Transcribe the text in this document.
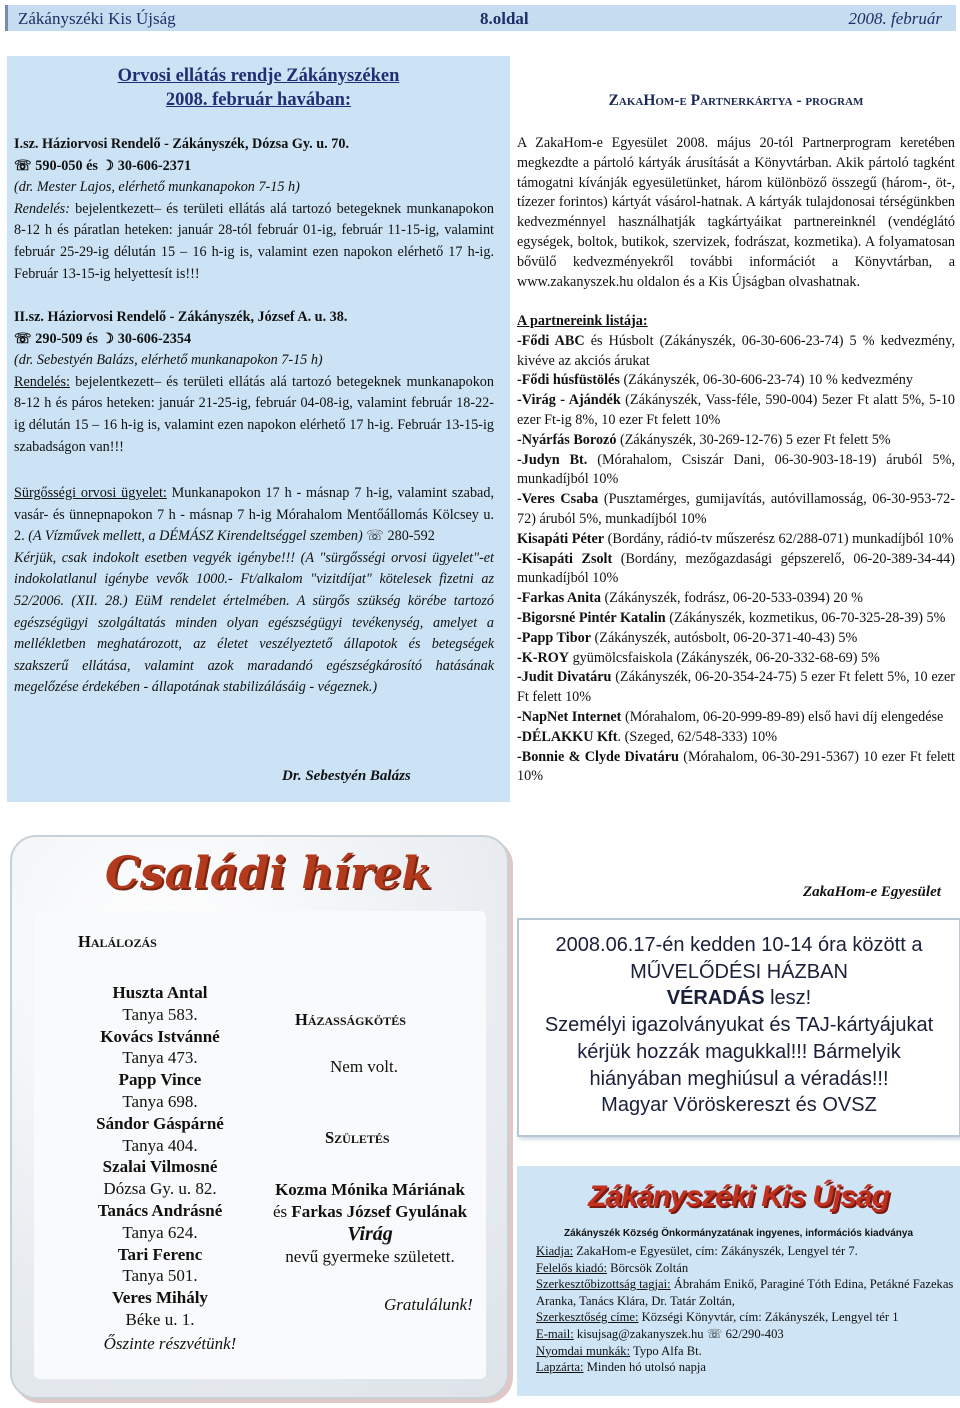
Zákányszéki Kis Újság	8.oldal	2008. február
Orvosi ellátás rendje Zákányszéken
2008. február havában:

I.sz. Háziorvosi Rendelő - Zákányszék, Dózsa Gy. u. 70.
☏ 590-050 és ☽ 30-606-2371
(dr. Mester Lajos, elérhető munkanapokon 7-15 h)
Rendelés: bejelentkezett– és területi ellátás alá tartozó betegeknek munkanapokon 8-12 h és páratlan heteken: január 28-tól február 01-ig, február 11-15-ig, valamint február 25-29-ig délután 15 – 16 h-ig is, valamint ezen napokon elérhető 17 h-ig. Február 13-15-ig helyettesít is!!!

II.sz. Háziorvosi Rendelő - Zákányszék, József A. u. 38.
☏ 290-509 és ☽ 30-606-2354
(dr. Sebestyén Balázs, elérhető munkanapokon 7-15 h)
Rendelés: bejelentkezett– és területi ellátás alá tartozó betegeknek munkanapokon 8-12 h és páros heteken: január 21-25-ig, február 04-08-ig, valamint február 18-22-ig délután 15 – 16 h-ig is, valamint ezen napokon elérhető 17 h-ig. Február 13-15-ig szabadságon van!!!

Sürgősségi orvosi ügyelet: Munkanapokon 17 h - másnap 7 h-ig, valamint szabad, vasár- és ünnepnapokon 7 h - másnap 7 h-ig Mórahalom Mentőállomás Kölcsey u. 2. (A Vízművek mellett, a DÉMÁSZ Kirendeltséggel szemben) ☏ 280-592
Kérjük, csak indokolt esetben vegyék igénybe!!! (A "sürgősségi orvosi ügyelet"-et indokolatlanul igénybe vevők 1000.- Ft/alkalom "vizitdíjat" kötelesek fizetni az 52/2006. (XII. 28.) EüM rendelet értelmében. A sürgős szükség körébe tartozó egészségügyi szolgáltatás minden olyan egészségügyi tevékenység, amelyet a mellékletben meghatározott, az életet veszélyeztető állapotok és betegségek szakszerű ellátása, valamint azok maradandó egészségkárosító hatásának megelőzése érdekében - állapotának stabilizálásáig - végeznek.)

Dr. Sebestyén Balázs
ZakaHom-e Partnerkártya - program

A ZakaHom-e Egyesület 2008. május 20-tól Partnerprogram keretében megkezdte a pártoló kártyák árusítását a Könyvtárban. Akik pártoló tagként támogatni kívánják egyesületünket, három különböző összegű (három-, öt-, tízezer forintos) kártyát vásárol-hatnak. A kártyák tulajdonosai térségünkben kedvezménnyel használhatják tagkártyáikat partnereinknél (vendéglátó egységek, boltok, butikok, szervizek, fodrászat, kozmetika). A folyamatosan bővülő kedvezményekről további információt a Könyvtárban, a www.zakanyszek.hu oldalon és a Kis Újságban olvashatnak.

A partnereink listája:
-Fődi ABC és Húsbolt (Zákányszék, 06-30-606-23-74) 5 % kedvezmény, kivéve az akciós árukat
-Fődi húsfüstölés (Zákányszék, 06-30-606-23-74) 10 % kedvezmény
-Virág - Ajándék (Zákányszék, Vass-féle, 590-004) 5ezer Ft alatt 5%, 5-10 ezer Ft-ig 8%, 10 ezer Ft felett 10%
-Nyárfás Borozó (Zákányszék, 30-269-12-76) 5 ezer Ft felett 5%
-Judyn Bt. (Mórahalom, Csiszár Dani, 06-30-903-18-19) áruból 5%, munkadíjból 10%
-Veres Csaba (Pusztamérges, gumijavítás, autóvillamosság, 06-30-953-72-72) áruból 5%, munkadíjból 10%
Kisapáti Péter (Bordány, rádió-tv műszerész 62/288-071) munkadíjból 10%
-Kisapáti Zsolt (Bordány, mezőgazdasági gépszerelő, 06-20-389-34-44) munkadíjból 10%
-Farkas Anita (Zákányszék, fodrász, 06-20-533-0394) 20 %
-Bigorsné Pintér Katalin (Zákányszék, kozmetikus, 06-70-325-28-39) 5%
-Papp Tibor (Zákányszék, autósbolt, 06-20-371-40-43) 5%
-K-ROY gyümölcsfaiskola (Zákányszék, 06-20-332-68-69) 5%
-Judit Divatáru (Zákányszék, 06-20-354-24-75) 5 ezer Ft felett 5%, 10 ezer Ft felett 10%
-NapNet Internet (Mórahalom, 06-20-999-89-89) első havi díj elengedése
-DÉLAKKU Kft. (Szeged, 62/548-333) 10%
-Bonnie & Clyde Divatáru (Mórahalom, 06-30-291-5367) 10 ezer Ft felett 10%

ZakaHom-e Egyesület
Családi hírek
Halálozás
Huszta Antal
Tanya 583.
Kovács Istvánné
Tanya 473.
Papp Vince
Tanya 698.
Sándor Gáspárné
Tanya 404.
Szalai Vilmosné
Dózsa Gy. u. 82.
Tanács Andrásné
Tanya 624.
Tari Ferenc
Tanya 501.
Veres Mihály
Béke u. 1.
Őszinte részvétünk!
Házasságkötés
Nem volt.
Születés
Kozma Mónika Máriának
és Farkas József Gyulának
Virág
nevű gyermeke született.
Gratulálunk!

2008.06.17-én kedden 10-14 óra között a
MŰVELŐDÉSI HÁZBAN
VÉRADÁS lesz!
Személyi igazolványukat és TAJ-kártyájukat
kérjük hozzák magukkal!!! Bármelyik
hiányában meghiúsul a véradás!!!
Magyar Vöröskereszt és OVSZ

Zákányszéki Kis Újság
Zákányszék Község Önkormányzatának ingyenes, információs kiadványa

Kiadja: ZakaHom-e Egyesület, cím: Zákányszék, Lengyel tér 7.
Felelős kiadó: Börcsök Zoltán
Szerkesztőbizottság tagjai: Ábrahám Enikő, Paraginé Tóth Edina, Petákné Fazekas Aranka, Tanács Klára, Dr. Tatár Zoltán,
Szerkesztőség címe: Községi Könyvtár, cím: Zákányszék, Lengyel tér 1
E-mail: kisujsag@zakanyszek.hu ☏ 62/290-403
Nyomdai munkák: Typo Alfa Bt.
Lapzárta: Minden hó utolsó napja
